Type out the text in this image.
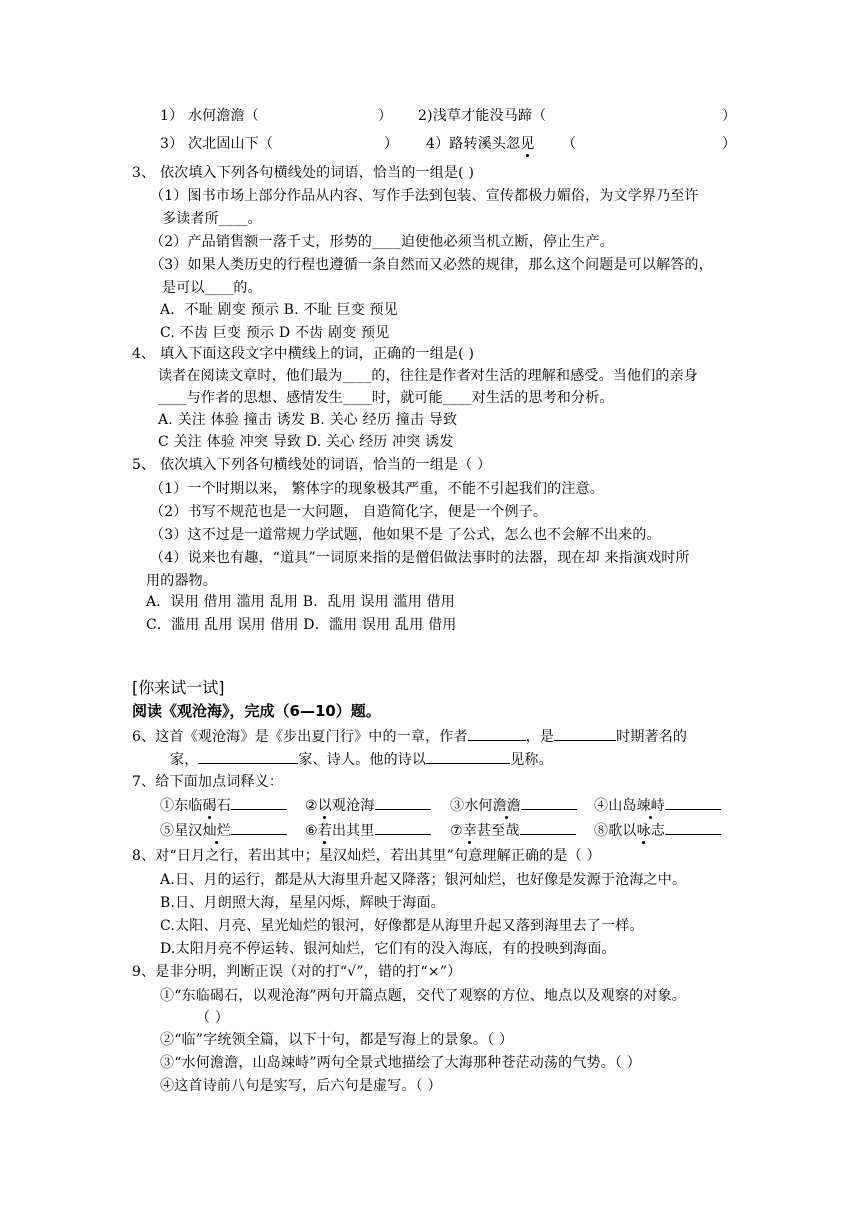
1） 水何澹澹（	） 2)浅草才能没马蹄（	）
3） 次北固山下（	） 4）路转溪头忽见 （	）
3、 依次填入下列各句横线处的词语，恰当的一组是( )
（1）图书市场上部分作品从内容、写作手法到包装、宣传都极力媚俗，为文学界乃至许
多读者所____。
（2）产品销售额一落千丈，形势的____迫使他必须当机立断，停止生产。
（3）如果人类历史的行程也遵循一条自然而又必然的规律，那么这个问题是可以解答的，
是可以____的。
A．不耻 剧变 预示 B. 不耻 巨变 预见
C. 不齿 巨变 预示 D 不齿 剧变 预见
4、 填入下面这段文字中横线上的词，正确的一组是( )
读者在阅读文章时，他们最为____的，往往是作者对生活的理解和感受。当他们的亲身
____与作者的思想、感情发生____时，就可能____对生活的思考和分析。
A. 关注 体验 撞击 诱发 B. 关心 经历 撞击 导致
C 关注 体验 冲突 导致 D. 关心 经历 冲突 诱发
5、 依次填入下列各句横线处的词语，恰当的一组是（ ）
（1）一个时期以来， 繁体字的现象极其严重，不能不引起我们的注意。
（2）书写不规范也是一大问题， 自造简化字，便是一个例子。
（3）这不过是一道常规力学试题，他如果不是 了公式，怎么也不会解不出来的。
（4）说来也有趣，“道具”一词原来指的是僧侣做法事时的法器，现在却 来指演戏时所
用的器物。
A．误用 借用 滥用 乱用 B．乱用 误用 滥用 借用
C．滥用 乱用 误用 借用 D．滥用 误用 乱用 借用
[你来试一试]
阅读《观沧海》，完成（6—10）题。
6、这首《观沧海》是《步出夏门行》中的一章，作者	，是	时期著名的
家，	家、诗人。他的诗以	见称。
7、给下面加点词释义：
①东临碣石	②以观沧海	③水何澹澹	④山岛竦峙
⑤星汉灿烂	⑥若出其里	⑦幸甚至哉	⑧歌以咏志
8、对“日月之行，若出其中；星汉灿烂，若出其里”句意理解正确的是（ ）
A.日、月的运行，都是从大海里升起又降落；银河灿烂，也好像是发源于沧海之中。
B.日、月朗照大海，星星闪烁，辉映于海面。
C.太阳、月亮、星光灿烂的银河，好像都是从海里升起又落到海里去了一样。
D.太阳月亮不停运转、银河灿烂，它们有的没入海底，有的投映到海面。
9、是非分明，判断正误（对的打“√”，错的打“×”）
①“东临碣石，以观沧海”两句开篇点题，交代了观察的方位、地点以及观察的对象。
（ ）
②“临”字统领全篇，以下十句，都是写海上的景象。（ ）
③“水何澹澹，山岛竦峙”两句全景式地描绘了大海那种苍茫动荡的气势。（ ）
④这首诗前八句是实写，后六句是虚写。（ ）
